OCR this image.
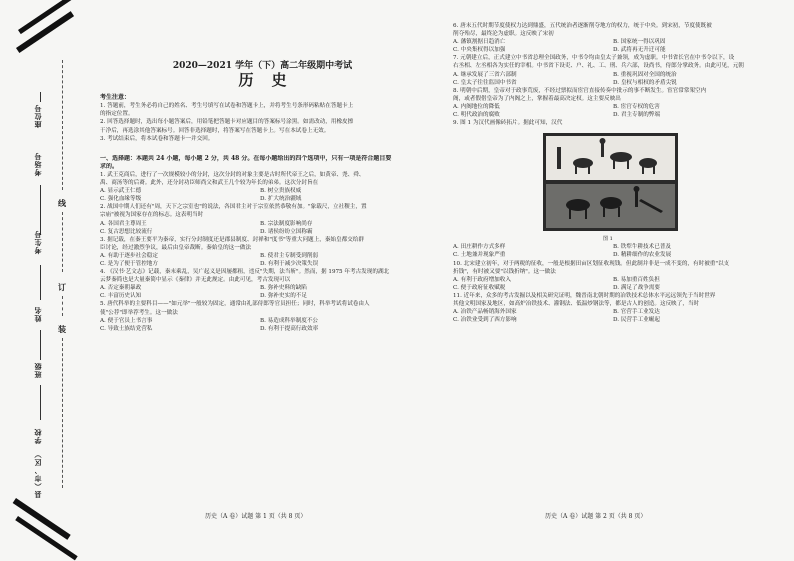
座位号
考场号
考生号
姓名
班级
学校
县（市、区）
线
订
装
2020—2021 学年（下）高二年级期中考试
历史
考生注意：
1. 答题前，考生务必将自己的姓名、考生号填写在试卷和答题卡上，并将考生号条形码粘贴在答题卡上
的指定位置。
2. 回答选择题时，选出每小题答案后，用铅笔把答题卡对应题目的答案标号涂黑。如需改动，用橡皮擦
干净后，再选涂其他答案标号。回答非选择题时，将答案写在答题卡上。写在本试卷上无效。
3. 考试结束后，将本试卷和答题卡一并交回。
一、选择题：本题共 24 小题，每小题 2 分，共 48 分。在每小题给出的四个选项中，只有一项是符合题目要
求的。
1. 武王克商后，进行了一次规模较小的分封，这次分封的对象主要是古时所代帝王之后，如黄帝、尧、舜、
禹、商汤等的后裔。此外，还分封功臣师尚父和武王几个较为年长的弟弟。这次分封旨在
A. 显示武王仁德	B. 树立贵族权威
C. 强化血缘等级	D. 扩大统治疆域
2. 战国中期人们还有"周，天下之宗室也"的说法，各国君主对于宗室依然恭敬有加。"象载尺，立社稷主，置
宗庙"被视为国家存在的标志。这表明当时
A. 各国君主尊周王	B. 宗法制度影响尚存
C. 复古思想比较流行	D. 诸侯纷纷立国称霸
3. 据记载，在秦王要平为秦帝，实行分封制度还是郡县制度、封禅和"度书"等重大问题上，秦始皇都交给群
臣讨论，经过激烈争议，最后由皇帝裁断。秦始皇的这一做法
A. 有助于逐步社会稳定	B. 使君主专制受到削弱
C. 是为了便于管控地方	D. 有利于减少决策失误
4. 《汉书·艺文志》记载，秦末乘乱，吴广起义是因屡都租，违反"失期，法当斩"。然而，据 1975 年考古发现的湖北
云梦秦简也是大量秦简中显示《秦律》并无此规定。由此可见，考古发现可以
A. 否定秦朝暴政	B. 弥补史料的缺陷
C. 丰富历史认知	D. 弥补史实的不足
5. 唐代科举的主要科目——"如元举"一般较为固定，通常由礼部侍郎等官员担任；同时，科举考试将试卷由人
使"公荐"即举荐考生。这一做法
A. 便于官员上书言事	B. 易造成科举制度不公
C. 导致士族结党营私	D. 有利于提高行政效率
历史（A 卷）试题 第 1 页（共 8 页）
6. 唐末五代时期节度使权力达到鼎盛，五代统治者逐渐削夺地方的权力，统于中央。到宋初，节度使既被
削夺殆尽，最终沦为虚职。这反映了宋初
A. 藩镇割据日趋消亡	B. 国家统一得以巩固
C. 中央集权得以加强	D. 武将再无升迁可能
7. 元朝建立后，正式建立中书省总理全国政务，中书令均由皇太子兼领，成为虚职。中书省长官在中书令以下，设
右丞相、左丞相各为实任的宰相。中书省下设吏、户、礼、工、刑、兵六部，设尚书，侍郎分掌政务。由此可见，元朝
A. 继承发展了三省六部制	B. 重视巩固对全国的统治
C. 皇太子往往监国中书省	D. 皇权与相权的矛盾尖锐
8. 明朝中后期，皇帝对于政事荒废，不经过票拟而宦官直接传奏中批示的事不断发生。宦官常常架空内
阁，或者假借皇帝为了内阁之上，掌握着最高决定权。这主要反映出
A. 内阁地位的降低	B. 宦官专权的危害
C. 明代政治的腐败	D. 君主专制的弊端
9. 图 1 为汉代画像砖拓片。据此可知，汉代
图 1
A. 田庄耕作方式多样	B. 铁犁牛耕技术已普及
C. 土地兼并现象严重	D. 精耕细作的农业发展
10. 北宋建立初年，对于两税的征收，一般是根据田亩区划征收现钱。但此制并非是一成不变的，有时被重"以支
折钱"，有时被又要"以钱折纳"。这一做法
A. 有利于政府增加收入	B. 易加重百姓负担
C. 便于政府征收赋税	D. 满足了战争需要
11. 近年来，众多的考古发掘以及相关研究证明，魏晋南北朝时期的冶铁技术总体水平远远领先于当时世界
其他文明国家及地区，如高炉冶铁技术、灌钢法、低温炒钢法等，都是古人的创造。这反映了，当时
A. 冶铁产品畅销海外国家	B. 官营手工业发达
C. 冶铁业受到了西方影响	D. 民营手工业崛起
历史（A 卷）试题 第 2 页（共 8 页）
